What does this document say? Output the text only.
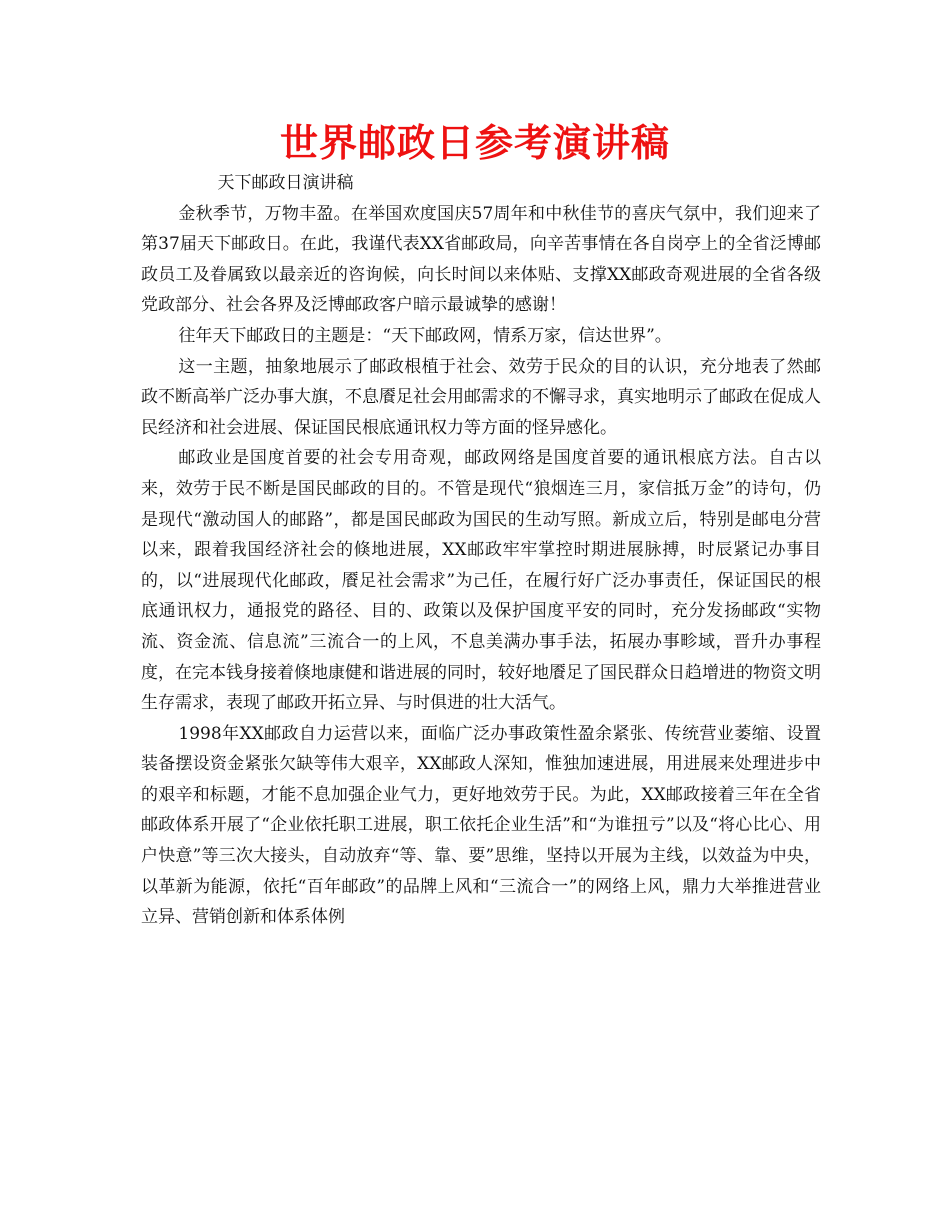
世界邮政日参考演讲稿

天下邮政日演讲稿

金秋季节，万物丰盈。在举国欢度国庆57周年和中秋佳节的喜庆气氛中，我们迎来了第37届天下邮政日。在此，我谨代表XX省邮政局，向辛苦事情在各自岗亭上的全省泛博邮政员工及眷属致以最亲近的咨询候，向长时间以来体贴、支撑XX邮政奇观进展的全省各级党政部分、社会各界及泛博邮政客户暗示最诚挚的感谢！

往年天下邮政日的主题是：“天下邮政网，情系万家，信达世界”。

这一主题，抽象地展示了邮政根植于社会、效劳于民众的目的认识，充分地表了然邮政不断高举广泛办事大旗，不息餍足社会用邮需求的不懈寻求，真实地明示了邮政在促成人民经济和社会进展、保证国民根底通讯权力等方面的怪异感化。

邮政业是国度首要的社会专用奇观，邮政网络是国度首要的通讯根底方法。自古以来，效劳于民不断是国民邮政的目的。不管是现代“狼烟连三月，家信抵万金”的诗句，仍是现代“激动国人的邮路”，都是国民邮政为国民的生动写照。新成立后，特别是邮电分营以来，跟着我国经济社会的倏地进展，XX邮政牢牢掌控时期进展脉搏，时辰紧记办事目的，以“进展现代化邮政，餍足社会需求”为己任，在履行好广泛办事责任，保证国民的根底通讯权力，通报党的路径、目的、政策以及保护国度平安的同时，充分发扬邮政“实物流、资金流、信息流”三流合一的上风，不息美满办事手法，拓展办事畛域，晋升办事程度，在完本钱身接着倏地康健和谐进展的同时，较好地餍足了国民群众日趋增进的物资文明生存需求，表现了邮政开拓立异、与时俱进的壮大活气。

1998年XX邮政自力运营以来，面临广泛办事政策性盈余紧张、传统营业萎缩、设置装备摆设资金紧张欠缺等伟大艰辛，XX邮政人深知，惟独加速进展，用进展来处理进步中的艰辛和标题，才能不息加强企业气力，更好地效劳于民。为此，XX邮政接着三年在全省邮政体系开展了“企业依托职工进展，职工依托企业生活”和“为谁扭亏”以及“将心比心、用户快意”等三次大接头，自动放弃“等、靠、要”思维，坚持以开展为主线，以效益为中央，以革新为能源，依托“百年邮政”的品牌上风和“三流合一”的网络上风，鼎力大举推进营业立异、营销创新和体系体例
